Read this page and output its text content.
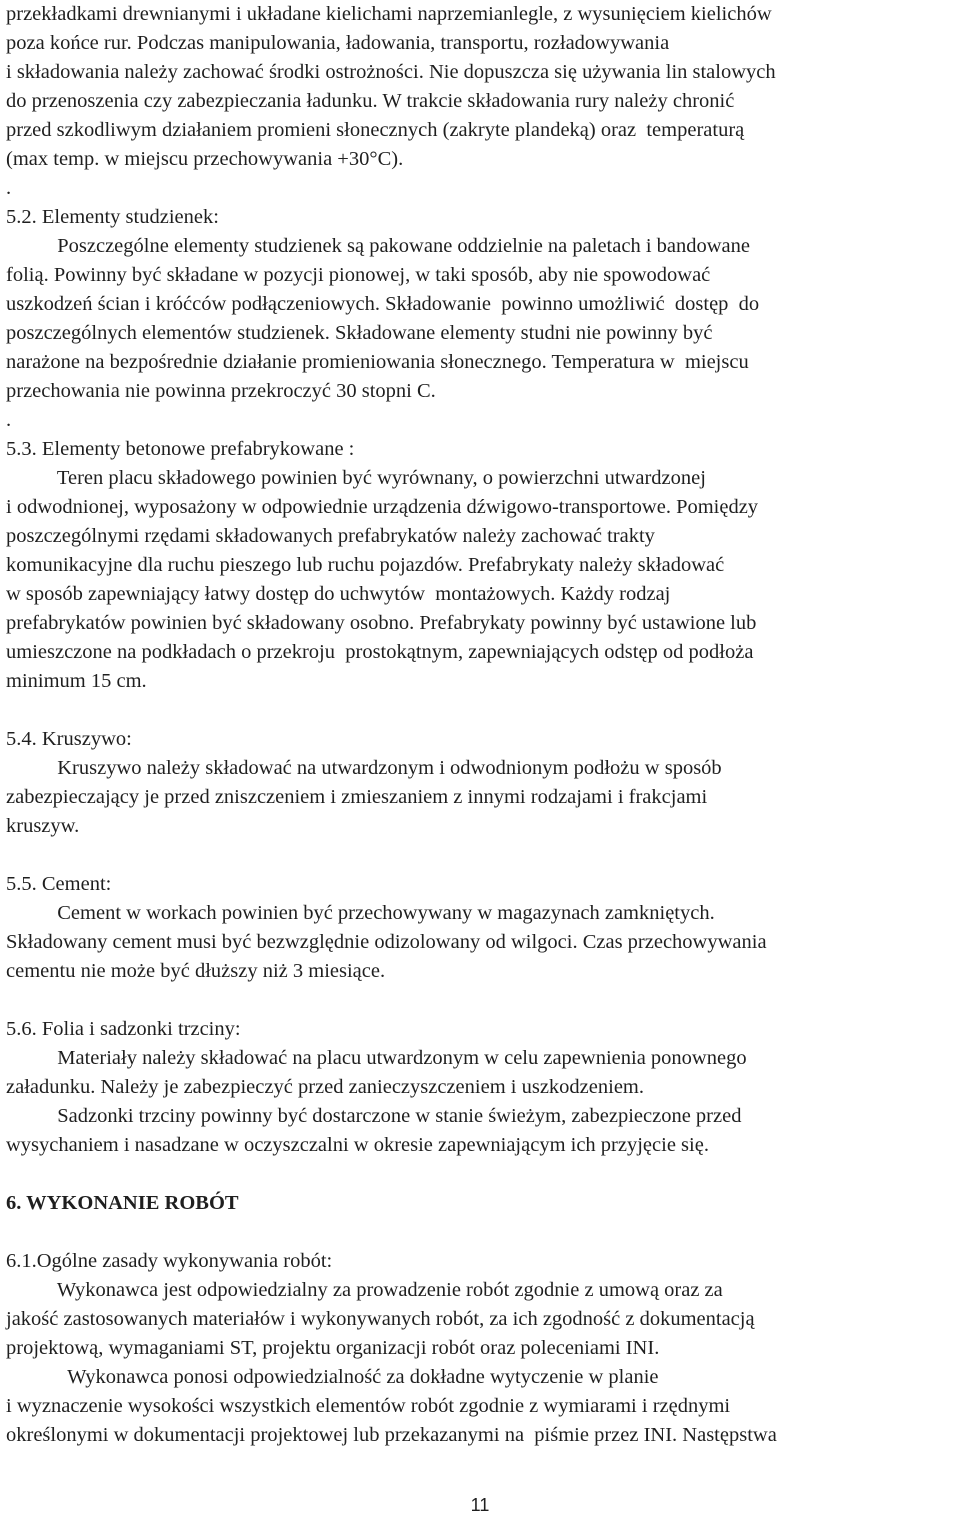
przekładkami drewnianymi i układane kielichami naprzemianlegle, z wysunięciem kielichów
poza końce rur. Podczas manipulowania, ładowania, transportu, rozładowywania
i składowania należy zachować środki ostrożności. Nie dopuszcza się używania lin stalowych
do przenoszenia czy zabezpieczania ładunku. W trakcie składowania rury należy chronić
przed szkodliwym działaniem promieni słonecznych (zakryte plandeką) oraz  temperaturą
(max temp. w miejscu przechowywania +30°C).
.
5.2. Elementy studzienek:
Poszczególne elementy studzienek są pakowane oddzielnie na paletach i bandowane
folią. Powinny być składane w pozycji pionowej, w taki sposób, aby nie spowodować
uszkodzeń ścian i króćców podłączeniowych. Składowanie  powinno umożliwić  dostęp  do
poszczególnych elementów studzienek. Składowane elementy studni nie powinny być
narażone na bezpośrednie działanie promieniowania słonecznego. Temperatura w  miejscu
przechowania nie powinna przekroczyć 30 stopni C.
.
5.3. Elementy betonowe prefabrykowane :
Teren placu składowego powinien być wyrównany, o powierzchni utwardzonej
i odwodnionej, wyposażony w odpowiednie urządzenia dźwigowo-transportowe. Pomiędzy
poszczególnymi rzędami składowanych prefabrykatów należy zachować trakty
komunikacyjne dla ruchu pieszego lub ruchu pojazdów. Prefabrykaty należy składować
w sposób zapewniający łatwy dostęp do uchwytów  montażowych. Każdy rodzaj
prefabrykatów powinien być składowany osobno. Prefabrykaty powinny być ustawione lub
umieszczone na podkładach o przekroju  prostokątnym, zapewniających odstęp od podłoża
minimum 15 cm.
5.4. Kruszywo:
Kruszywo należy składować na utwardzonym i odwodnionym podłożu w sposób
zabezpieczający je przed zniszczeniem i zmieszaniem z innymi rodzajami i frakcjami
kruszyw.
5.5. Cement:
Cement w workach powinien być przechowywany w magazynach zamkniętych.
Składowany cement musi być bezwzględnie odizolowany od wilgoci. Czas przechowywania
cementu nie może być dłuższy niż 3 miesiące.
5.6. Folia i sadzonki trzciny:
Materiały należy składować na placu utwardzonym w celu zapewnienia ponownego
załadunku. Należy je zabezpieczyć przed zanieczyszczeniem i uszkodzeniem.
Sadzonki trzciny powinny być dostarczone w stanie świeżym, zabezpieczone przed
wysychaniem i nasadzane w oczyszczalni w okresie zapewniającym ich przyjęcie się.
6. WYKONANIE ROBÓT
6.1.Ogólne zasady wykonywania robót:
Wykonawca jest odpowiedzialny za prowadzenie robót zgodnie z umową oraz za
jakość zastosowanych materiałów i wykonywanych robót, za ich zgodność z dokumentacją
projektową, wymaganiami ST, projektu organizacji robót oraz poleceniami INI.
Wykonawca ponosi odpowiedzialność za dokładne wytyczenie w planie
i wyznaczenie wysokości wszystkich elementów robót zgodnie z wymiarami i rzędnymi
określonymi w dokumentacji projektowej lub przekazanymi na  piśmie przez INI. Następstwa
11
